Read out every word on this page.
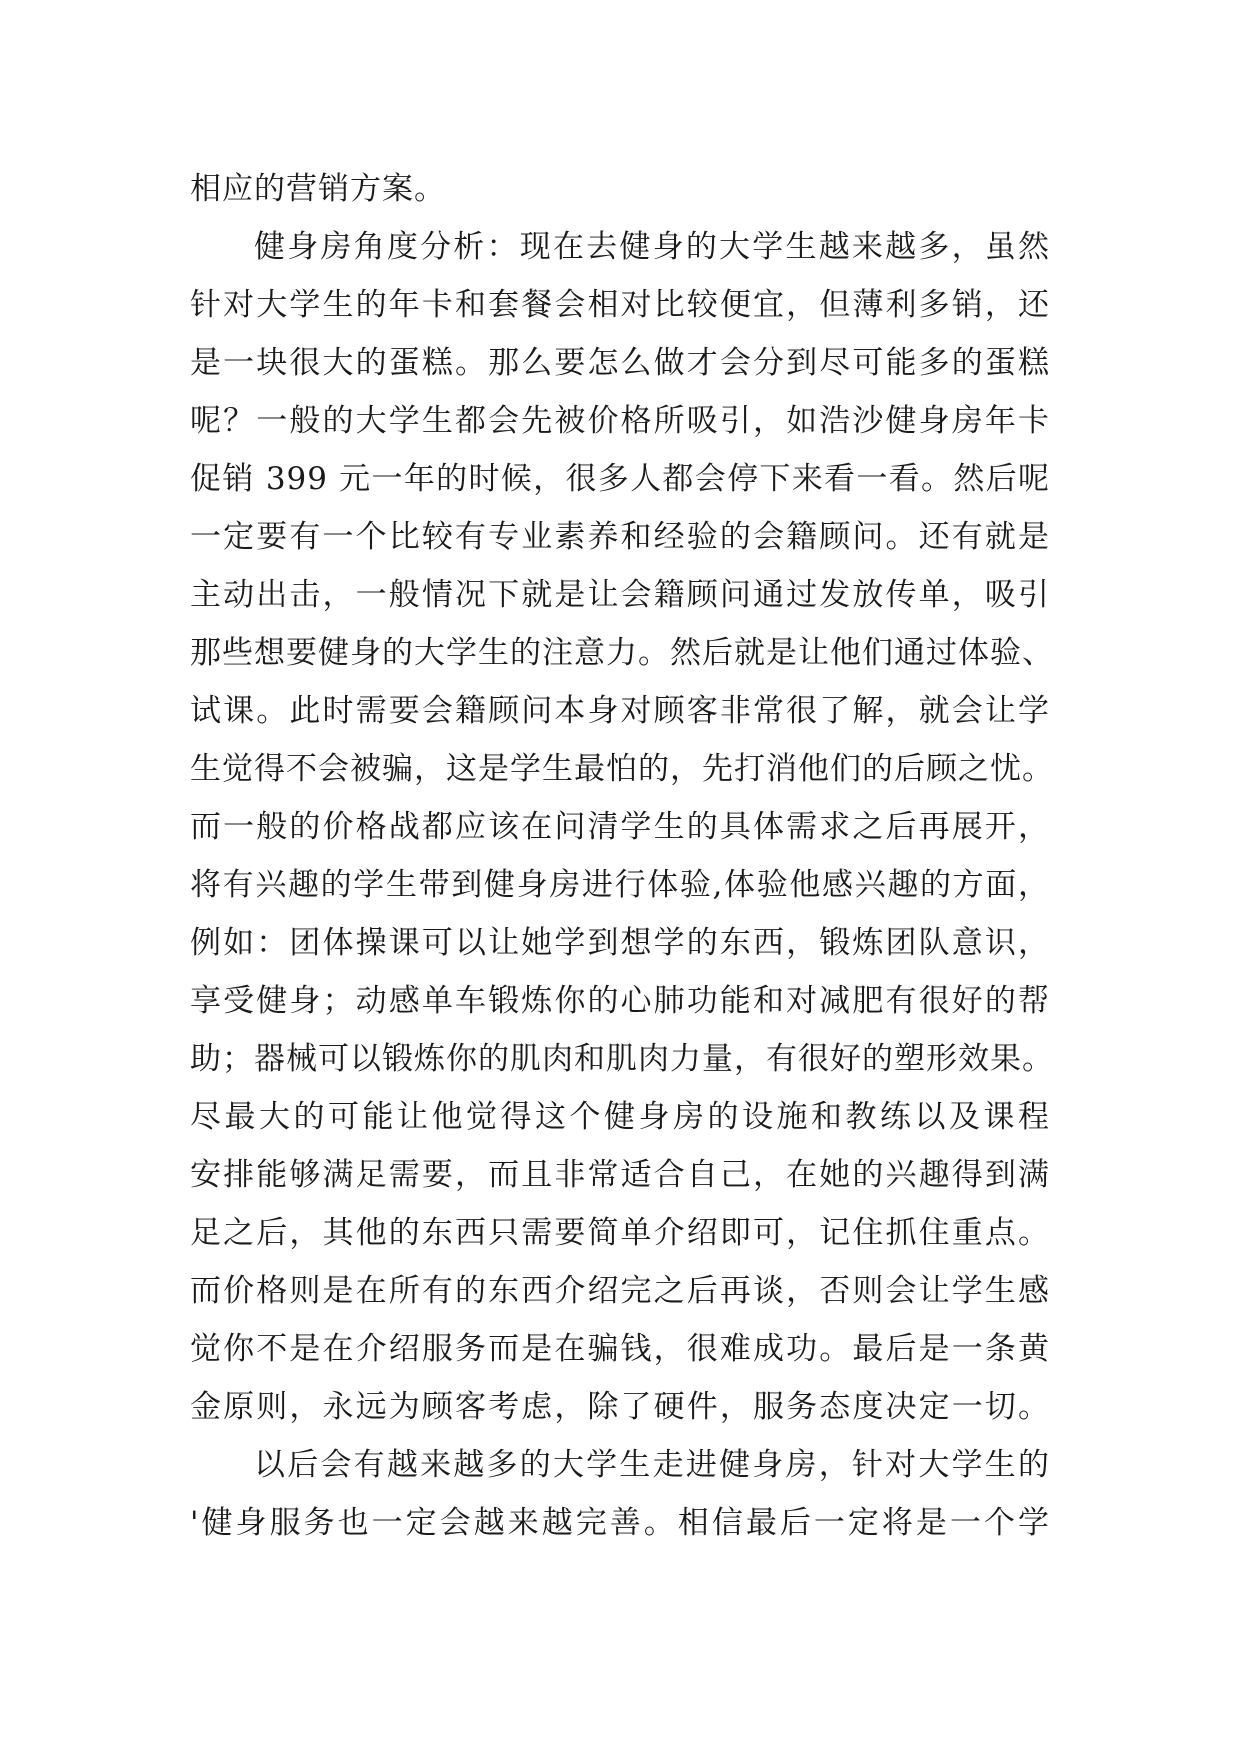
相应的营销方案。
健身房角度分析：现在去健身的大学生越来越多，虽然
针对大学生的年卡和套餐会相对比较便宜，但薄利多销，还
是一块很大的蛋糕。那么要怎么做才会分到尽可能多的蛋糕
呢？一般的大学生都会先被价格所吸引，如浩沙健身房年卡
促销 399 元一年的时候，很多人都会停下来看一看。然后呢
一定要有一个比较有专业素养和经验的会籍顾问。还有就是
主动出击，一般情况下就是让会籍顾问通过发放传单，吸引
那些想要健身的大学生的注意力。然后就是让他们通过体验、
试课。此时需要会籍顾问本身对顾客非常很了解，就会让学
生觉得不会被骗，这是学生最怕的，先打消他们的后顾之忧。
而一般的价格战都应该在问清学生的具体需求之后再展开，
将有兴趣的学生带到健身房进行体验,体验他感兴趣的方面，
例如：团体操课可以让她学到想学的东西，锻炼团队意识，
享受健身；动感单车锻炼你的心肺功能和对减肥有很好的帮
助；器械可以锻炼你的肌肉和肌肉力量，有很好的塑形效果。
尽最大的可能让他觉得这个健身房的设施和教练以及课程
安排能够满足需要，而且非常适合自己，在她的兴趣得到满
足之后，其他的东西只需要简单介绍即可，记住抓住重点。
而价格则是在所有的东西介绍完之后再谈，否则会让学生感
觉你不是在介绍服务而是在骗钱，很难成功。最后是一条黄
金原则，永远为顾客考虑，除了硬件，服务态度决定一切。
以后会有越来越多的大学生走进健身房，针对大学生的
'健身服务也一定会越来越完善。相信最后一定将是一个学
